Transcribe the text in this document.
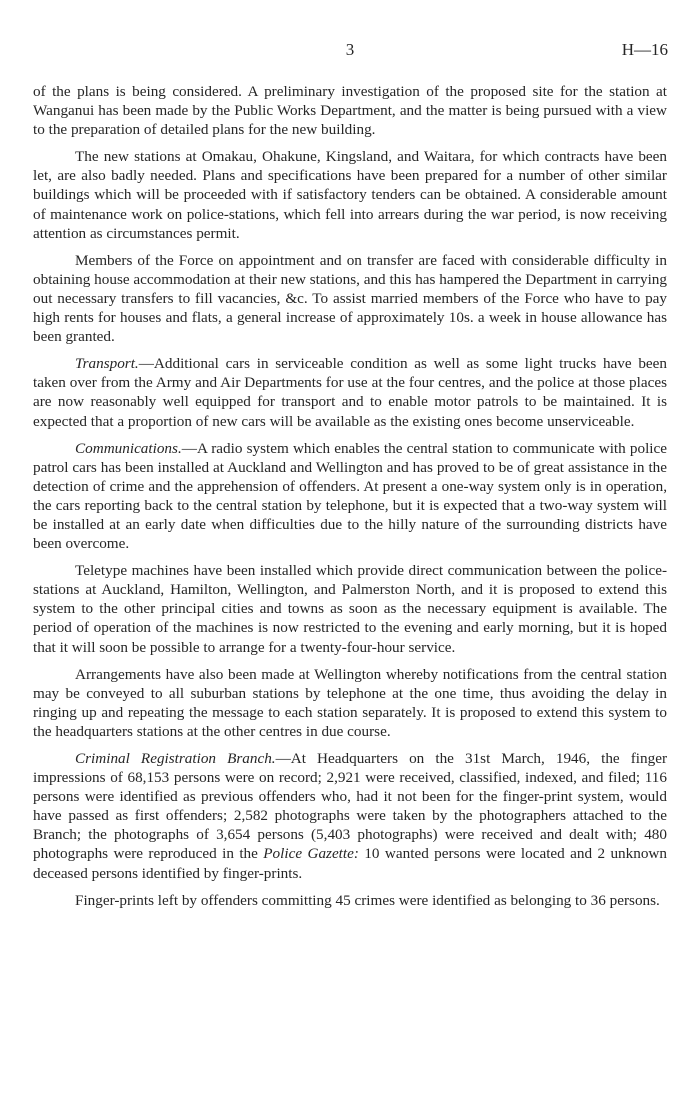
3	H—16

of the plans is being considered. A preliminary investigation of the proposed site for the station at Wanganui has been made by the Public Works Department, and the matter is being pursued with a view to the preparation of detailed plans for the new building.

The new stations at Omakau, Ohakune, Kingsland, and Waitara, for which contracts have been let, are also badly needed. Plans and specifications have been prepared for a number of other similar buildings which will be proceeded with if satisfactory tenders can be obtained. A considerable amount of maintenance work on police-stations, which fell into arrears during the war period, is now receiving attention as circumstances permit.

Members of the Force on appointment and on transfer are faced with considerable difficulty in obtaining house accommodation at their new stations, and this has hampered the Department in carrying out necessary transfers to fill vacancies, &c. To assist married members of the Force who have to pay high rents for houses and flats, a general increase of approximately 10s. a week in house allowance has been granted.

Transport.—Additional cars in serviceable condition as well as some light trucks have been taken over from the Army and Air Departments for use at the four centres, and the police at those places are now reasonably well equipped for transport and to enable motor patrols to be maintained. It is expected that a proportion of new cars will be available as the existing ones become unserviceable.

Communications.—A radio system which enables the central station to communicate with police patrol cars has been installed at Auckland and Wellington and has proved to be of great assistance in the detection of crime and the apprehension of offenders. At present a one-way system only is in operation, the cars reporting back to the central station by telephone, but it is expected that a two-way system will be installed at an early date when difficulties due to the hilly nature of the surrounding districts have been overcome.

Teletype machines have been installed which provide direct communication between the police-stations at Auckland, Hamilton, Wellington, and Palmerston North, and it is proposed to extend this system to the other principal cities and towns as soon as the necessary equipment is available. The period of operation of the machines is now restricted to the evening and early morning, but it is hoped that it will soon be possible to arrange for a twenty-four-hour service.

Arrangements have also been made at Wellington whereby notifications from the central station may be conveyed to all suburban stations by telephone at the one time, thus avoiding the delay in ringing up and repeating the message to each station separately. It is proposed to extend this system to the headquarters stations at the other centres in due course.

Criminal Registration Branch.—At Headquarters on the 31st March, 1946, the finger impressions of 68,153 persons were on record; 2,921 were received, classified, indexed, and filed; 116 persons were identified as previous offenders who, had it not been for the finger-print system, would have passed as first offenders; 2,582 photographs were taken by the photographers attached to the Branch; the photographs of 3,654 persons (5,403 photographs) were received and dealt with; 480 photographs were reproduced in the Police Gazette: 10 wanted persons were located and 2 unknown deceased persons identified by finger-prints.

Finger-prints left by offenders committing 45 crimes were identified as belonging to 36 persons.
